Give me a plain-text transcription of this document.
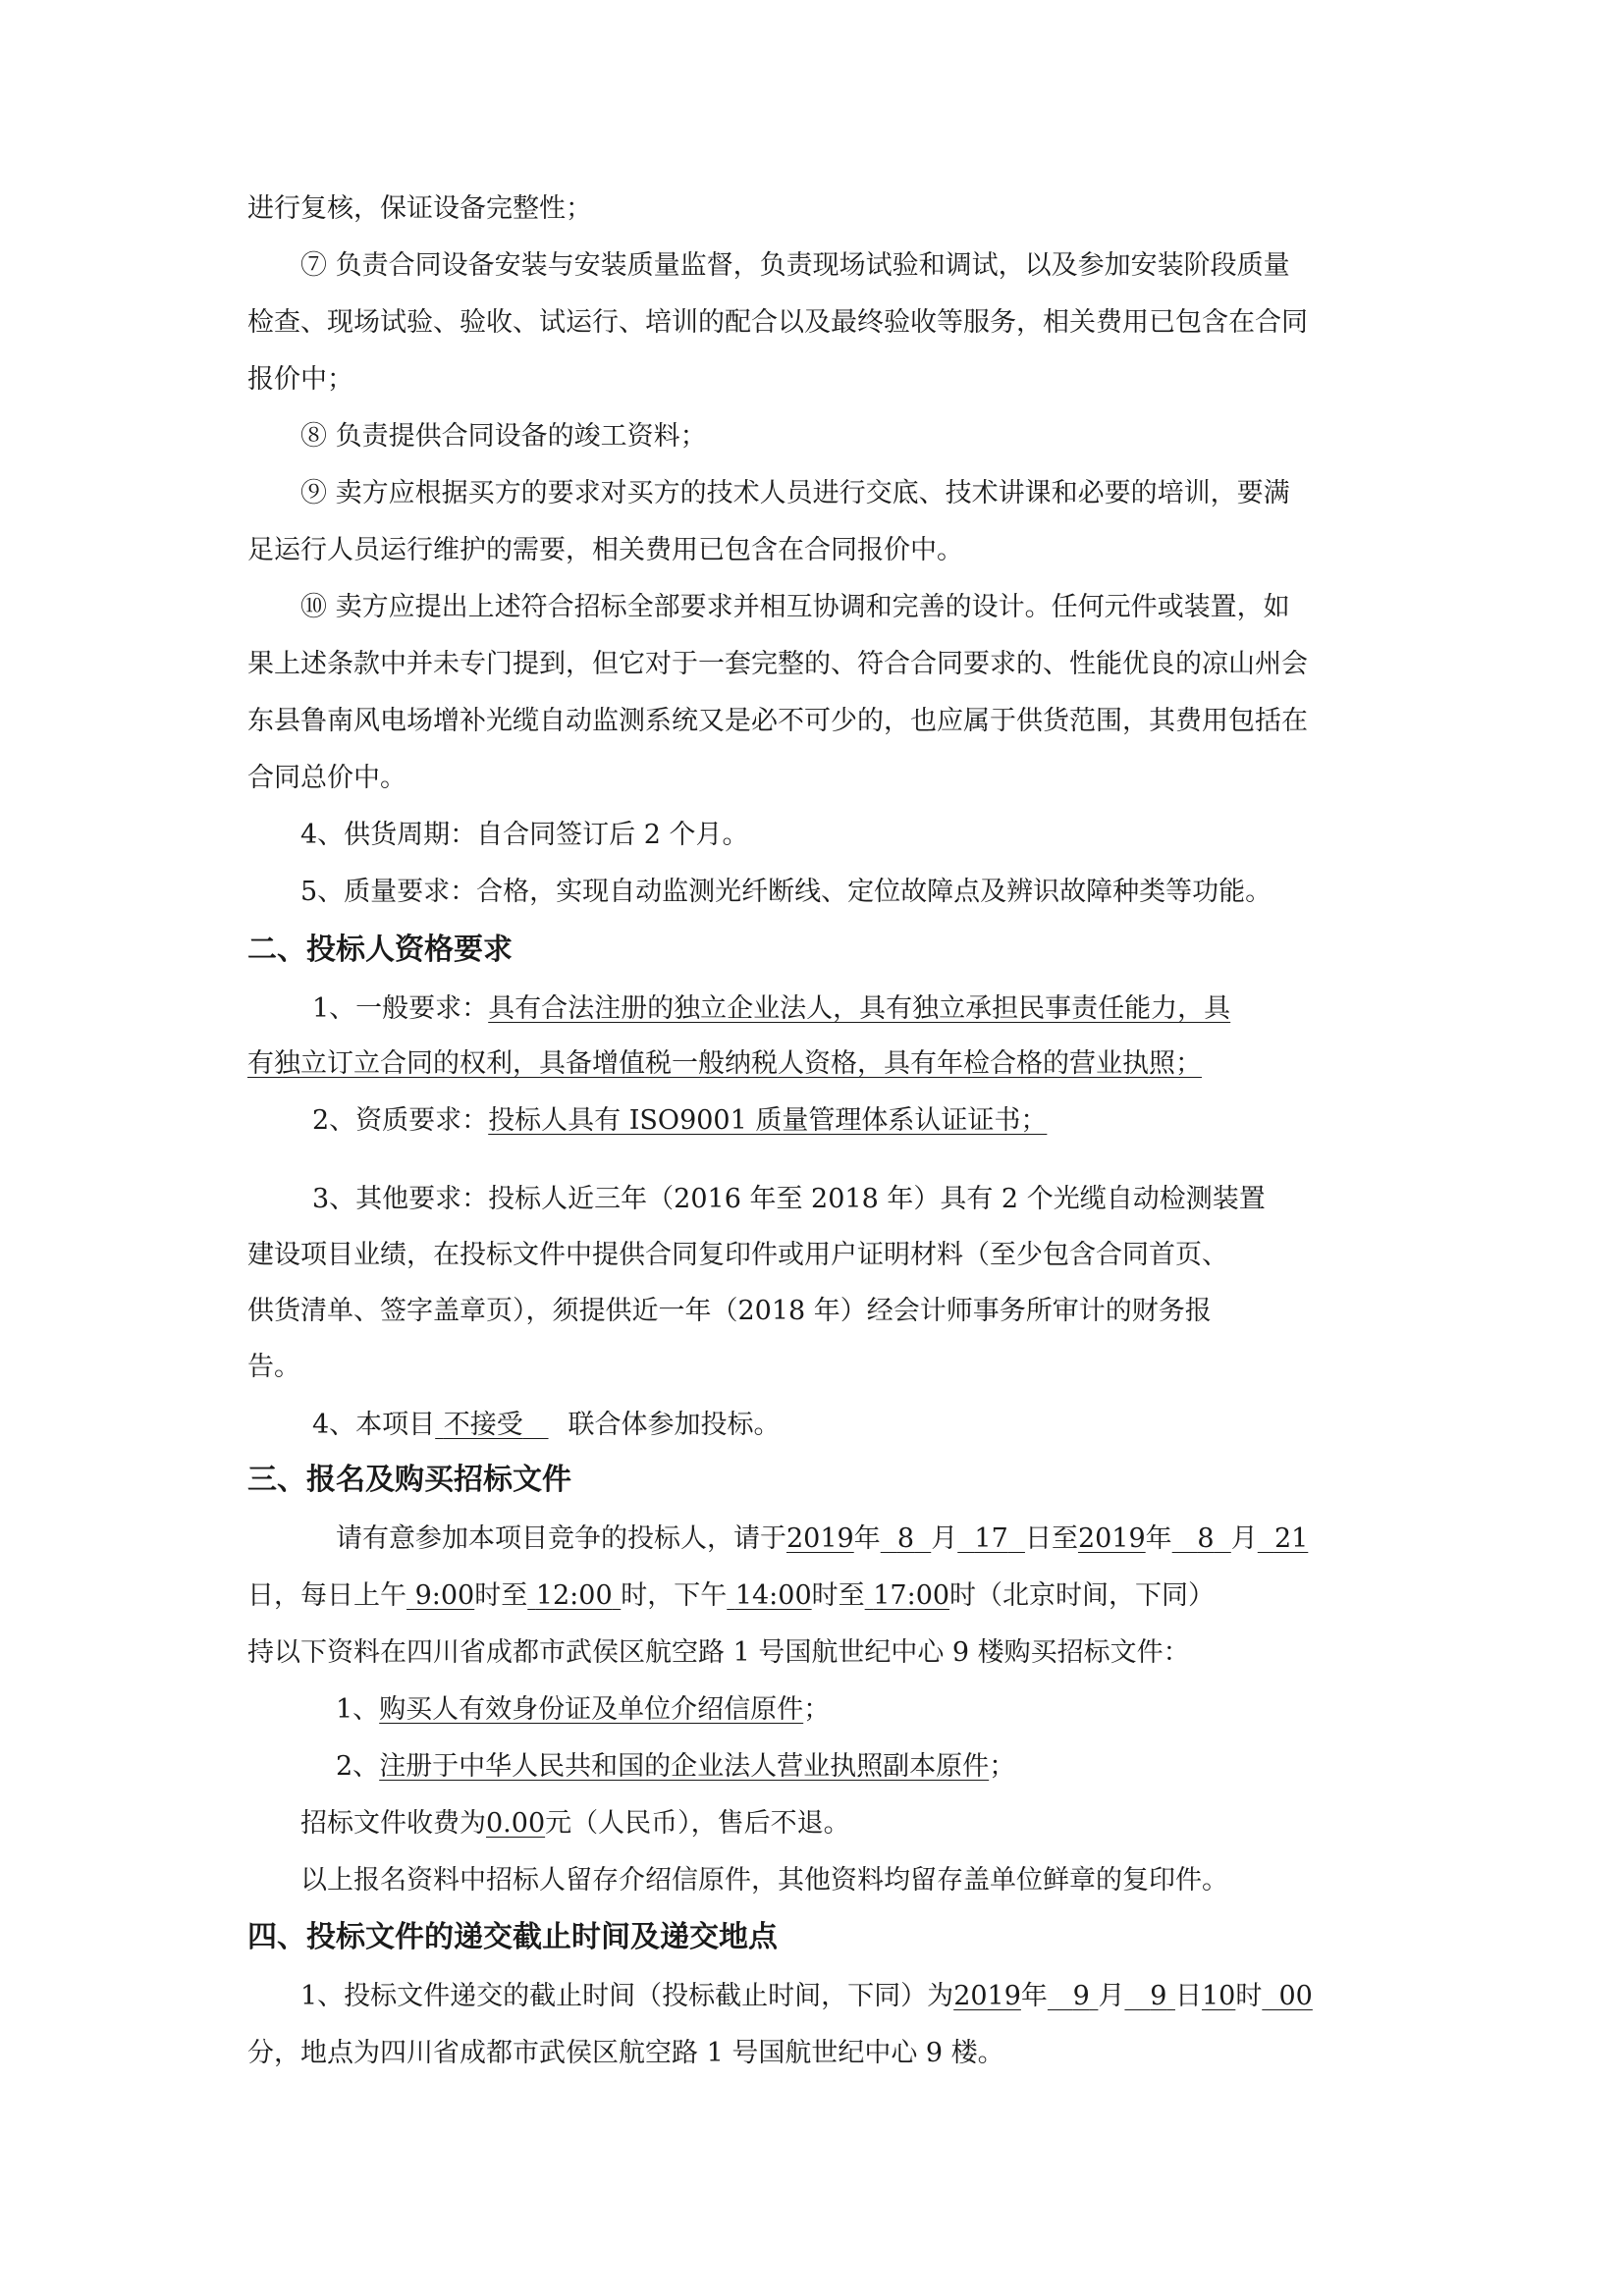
进行复核，保证设备完整性；
⑦ 负责合同设备安装与安装质量监督，负责现场试验和调试，以及参加安装阶段质量
检查、现场试验、验收、试运行、培训的配合以及最终验收等服务，相关费用已包含在合同
报价中；
⑧ 负责提供合同设备的竣工资料；
⑨ 卖方应根据买方的要求对买方的技术人员进行交底、技术讲课和必要的培训，要满
足运行人员运行维护的需要，相关费用已包含在合同报价中。
⑩ 卖方应提出上述符合招标全部要求并相互协调和完善的设计。任何元件或装置，如
果上述条款中并未专门提到，但它对于一套完整的、符合合同要求的、性能优良的凉山州会
东县鲁南风电场增补光缆自动监测系统又是必不可少的，也应属于供货范围，其费用包括在
合同总价中。
4、供货周期：自合同签订后 2 个月。
5、质量要求：合格，实现自动监测光纤断线、定位故障点及辨识故障种类等功能。
二、投标人资格要求
1、一般要求：具有合法注册的独立企业法人，具有独立承担民事责任能力，具
有独立订立合同的权利，具备增值税一般纳税人资格，具有年检合格的营业执照；
2、资质要求：投标人具有 ISO9001 质量管理体系认证证书；
3、其他要求：投标人近三年（2016 年至 2018 年）具有 2 个光缆自动检测装置
建设项目业绩，在投标文件中提供合同复印件或用户证明材料（至少包含合同首页、
供货清单、签字盖章页），须提供近一年（2018 年）经会计师事务所审计的财务报
告。
4、本项目 不接受 联合体参加投标。
三、报名及购买招标文件
请有意参加本项目竞争的投标人，请于2019年 8 月 17 日至2019年 8 月 21
日，每日上午 9:00时至 12:00 时，下午 14:00时至 17:00时（北京时间，下同）
持以下资料在四川省成都市武侯区航空路 1 号国航世纪中心 9 楼购买招标文件：
1、购买人有效身份证及单位介绍信原件；
2、注册于中华人民共和国的企业法人营业执照副本原件；
招标文件收费为0.00元（人民币），售后不退。
以上报名资料中招标人留存介绍信原件，其他资料均留存盖单位鲜章的复印件。
四、投标文件的递交截止时间及递交地点
1、投标文件递交的截止时间（投标截止时间，下同）为2019年 9 月 9 日10时 00
分，地点为四川省成都市武侯区航空路 1 号国航世纪中心 9 楼。
